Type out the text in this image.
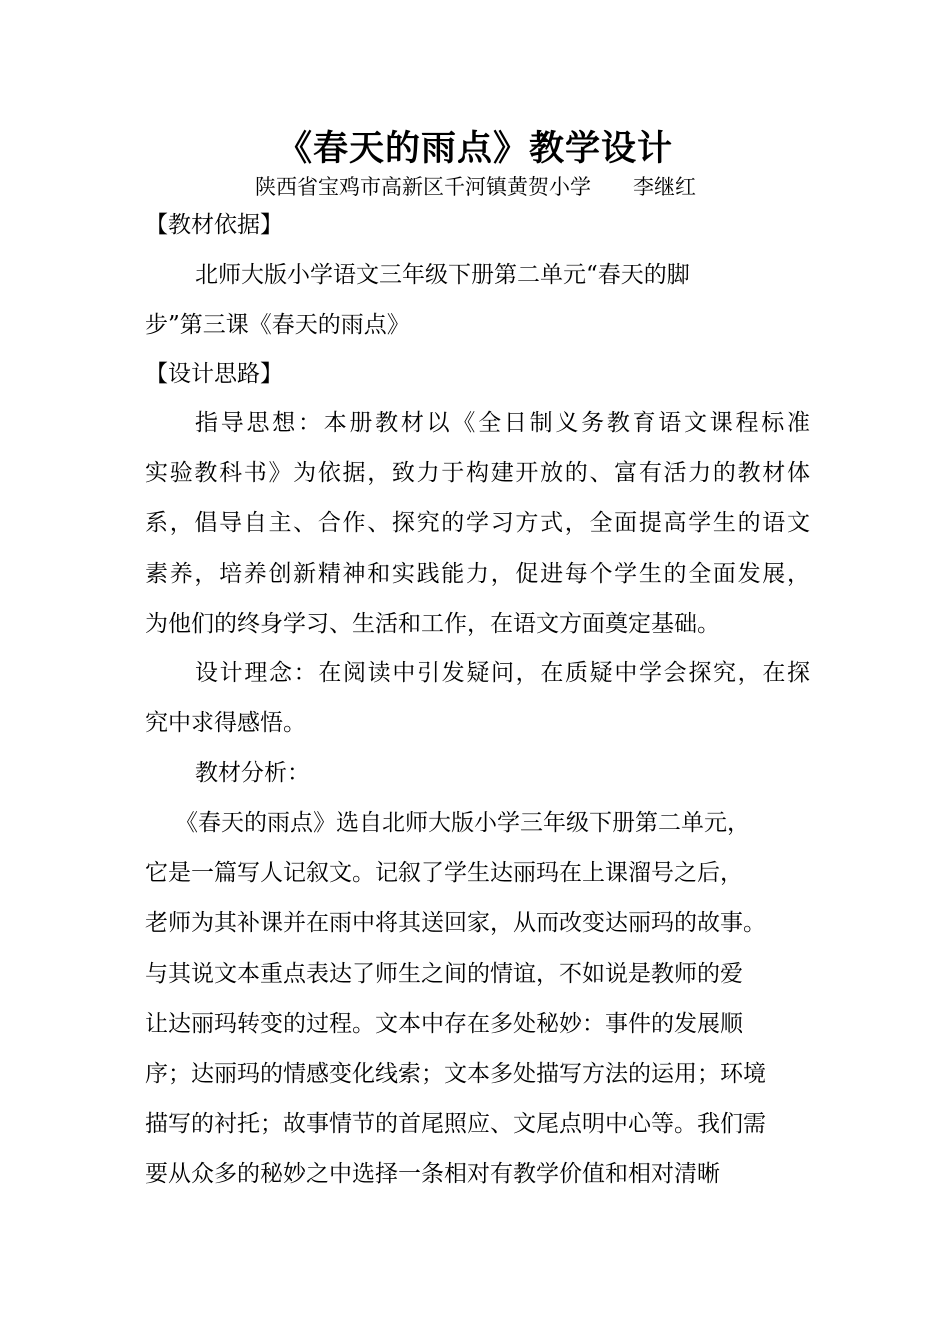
《春天的雨点》教学设计
陕西省宝鸡市高新区千河镇黄贺小学　　李继红
【教材依据】
北师大版小学语文三年级下册第二单元“春天的脚
步”第三课《春天的雨点》
【设计思路】
指导思想：本册教材以《全日制义务教育语文课程标准
实验教科书》为依据，致力于构建开放的、富有活力的教材体
系，倡导自主、合作、探究的学习方式，全面提高学生的语文
素养，培养创新精神和实践能力，促进每个学生的全面发展，
为他们的终身学习、生活和工作，在语文方面奠定基础。
设计理念：在阅读中引发疑问，在质疑中学会探究，在探
究中求得感悟。
教材分析：
《春天的雨点》选自北师大版小学三年级下册第二单元，
它是一篇写人记叙文。记叙了学生达丽玛在上课溜号之后，
老师为其补课并在雨中将其送回家，从而改变达丽玛的故事。
与其说文本重点表达了师生之间的情谊，不如说是教师的爱
让达丽玛转变的过程。文本中存在多处秘妙：事件的发展顺
序；达丽玛的情感变化线索；文本多处描写方法的运用；环境
描写的衬托；故事情节的首尾照应、文尾点明中心等。我们需
要从众多的秘妙之中选择一条相对有教学价值和相对清晰
